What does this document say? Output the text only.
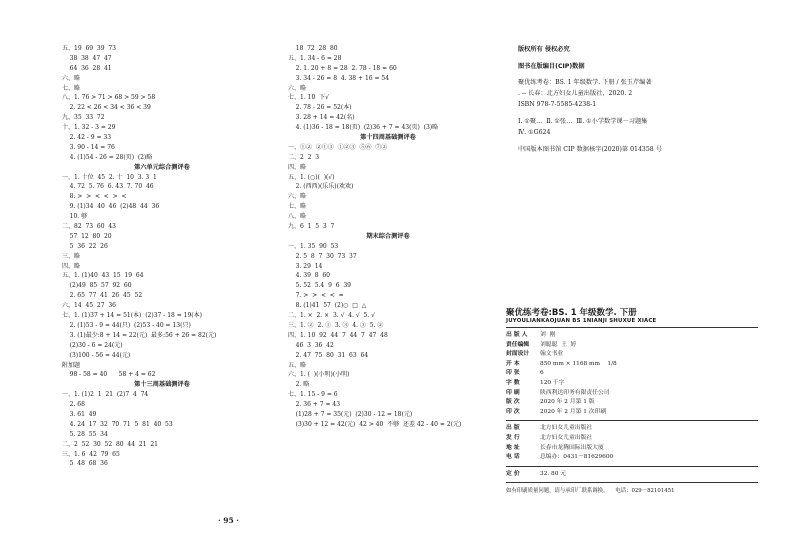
五、19  69  39  73
38  38  47  47
64  36  28  41
六、略
七、略
八、1. 76 > 71 > 68 > 59 > 58
2. 22 < 26 < 34 < 36 < 39
九、35  33  72
十、1. 32 - 3 = 29
2. 42 - 9 = 33
3. 90 - 14 = 76
4. (1)54 - 26 = 28(页)  (2)略
第六单元综合测评卷
一、1. 十位  45  2. 十  10  3. 3  1
4. 72  5. 76  6. 43  7. 70  46
8. >  >  <  <  >  <
9. (1)34  40  46  (2)48  44  36
10. 够
二、82  73  60  43
57  12  80  20
5  36  22  26
三、略
四、略
五、1. (1)40  43  15  19  64
(2)49  85  57  92  60
2. 65  77  41  26  45  52
六、14  45  27  36
七、1. (1)37 + 14 = 51(本)  (2)37 - 18 = 19(本)
2. (1)53 - 9 = 44(只)  (2)53 - 40 = 13(只)
3. (1)最少:8 + 14 = 22(元)  最多:56 + 26 = 82(元)
(2)30 - 6 = 24(元)
(3)100 - 56 = 44(元)
附加题
98 - 58 = 40      58 + 4 = 62
第十三周基础测评卷
一、1. (1)2  1  21  (2)7  4  74
2. 68
3. 61  49
4. 24  17  32  70  71  5  81  40  53
5. 28  55  34
二、2  52  30  52  80  44  21  21
三、1. 6  42  79  65
5  48  68  36
18  72  28  80
五、1. 34 - 6 = 28
2. 1. 20 + 8 = 28  2. 78 - 18 = 60
3. 34 - 26 = 8  4. 38 + 16 = 54
六、略
七、1. 10  下√
2. 78 - 26 = 52(本)
3. 28 + 14 = 42(名)
4. (1)36 - 18 = 18(页)  (2)36 + 7 = 43(页)  (3)略
第十四周基础测评卷
一、①②  ②①③  ①②③  ⑤⑥  ⑦②
二、2  2  3
四、略
五、1. (○)(  )(√)
2. (西西)(乐乐)(欢欢)
六、略
七、略
八、略
九、6  1  5  3  7
期末综合测评卷
一、1. 35  90  53
2. 5  8  7  30  73  37
3. 29  14
4. 39  8  60
5. 52  5.4  9  6  39
7. >  >  <  <  =
8. (1)41  57  (2)○  □  △
二、1. ×  2. ×  3. √  4. √  5. √
三、1. ②  2. ①  3. ③  4. ③  5. ②
四、1. 10  92  44  7  44  7  47  48
46  3  36  42
2. 47  75  80  31  63  64
五、略
六、1. (  )(小明)(小明)
2. 略
七、1. 15 - 9 = 6
2. 36 + 7 = 43
(1)28 + 7 = 35(元)  (2)30 - 12 = 18(元)
(3)30 + 12 = 42(元)  42 > 40  不够  还差 42 - 40 = 2(元)
版权所有 侵权必究
图书在版编目(CIP)数据
聚优练考卷：BS. 1 年级数学. 下册 / 张玉芹编著
. -- 长春：北方妇女儿童出版社，2020. 2
ISBN 978-7-5585-4238-1
Ⅰ. ①聚…  Ⅱ. ①张…  Ⅲ. ①小学数学课－习题集
Ⅳ. ①G624
中国版本图书馆 CIP 数据核字(2020)第 014358 号
聚优练考卷:BS. 1 年级数学. 下册
JUYOULIANKAOJUAN BS 1NIANJI SHUXUE XIACE
出 版 人	刘  刚
责任编辑	刘聪聪  王  婷
封面设计	翰文书业
开 本	850 mm × 1168 mm    1/8
印 张	6
字 数	120 千字
印 刷	陕西利达印务有限责任公司
版 次	2020 年 2 月第 1 版
印 次	2020 年 2 月第 1 次印刷
出 版	北方妇女儿童出版社
发 行	北方妇女儿童出版社
地 址	长春市龙腾国际出版大厦
电 话	总编办：0431－81629600
定 价	32. 80 元
如有印刷质量问题，请与承印厂联系调换。    电话：029－82101451
· 95 ·
